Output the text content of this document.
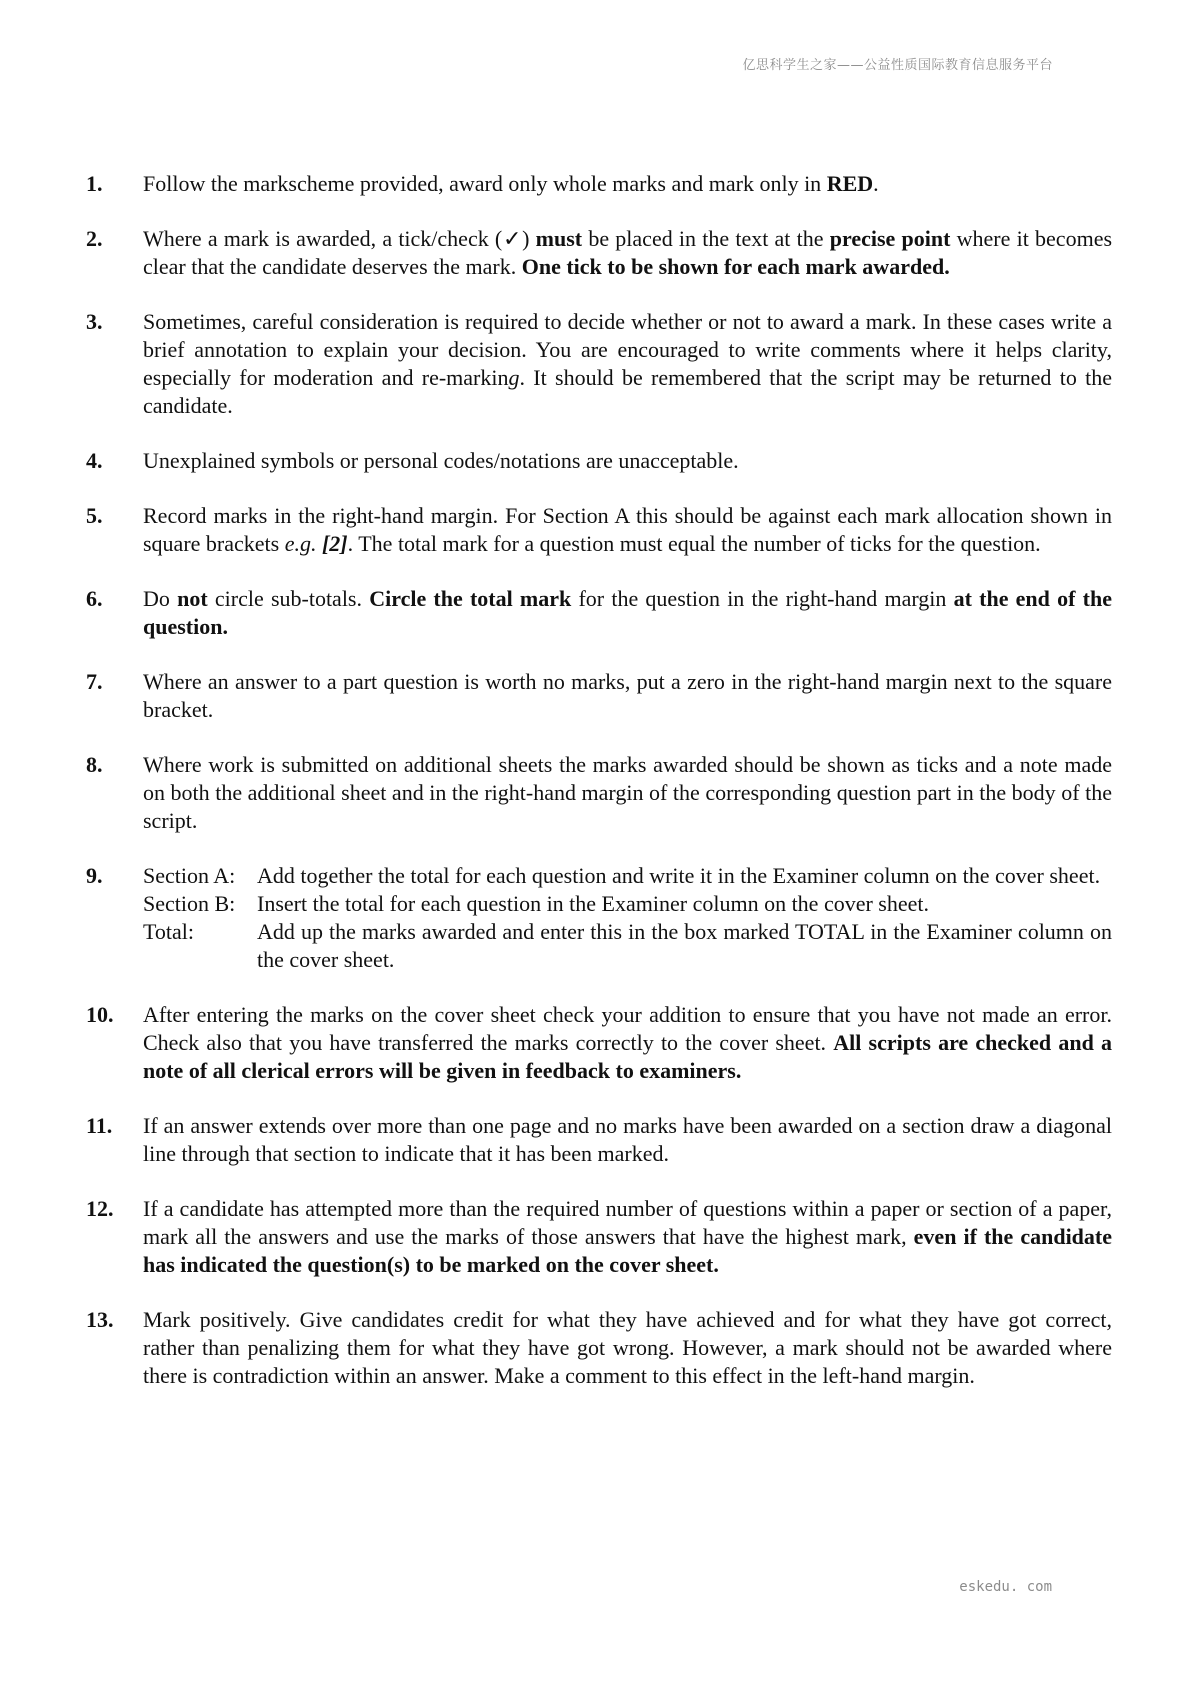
亿思科学生之家——公益性质国际教育信息服务平台
1.	Follow the markscheme provided, award only whole marks and mark only in RED.
2.	Where a mark is awarded, a tick/check (✓) must be placed in the text at the precise point where it becomes clear that the candidate deserves the mark. One tick to be shown for each mark awarded.
3.	Sometimes, careful consideration is required to decide whether or not to award a mark. In these cases write a brief annotation to explain your decision. You are encouraged to write comments where it helps clarity, especially for moderation and re-marking. It should be remembered that the script may be returned to the candidate.
4.	Unexplained symbols or personal codes/notations are unacceptable.
5.	Record marks in the right-hand margin. For Section A this should be against each mark allocation shown in square brackets e.g. [2]. The total mark for a question must equal the number of ticks for the question.
6.	Do not circle sub-totals. Circle the total mark for the question in the right-hand margin at the end of the question.
7.	Where an answer to a part question is worth no marks, put a zero in the right-hand margin next to the square bracket.
8.	Where work is submitted on additional sheets the marks awarded should be shown as ticks and a note made on both the additional sheet and in the right-hand margin of the corresponding question part in the body of the script.
9.	Section A: Add together the total for each question and write it in the Examiner column on the cover sheet.
Section B: Insert the total for each question in the Examiner column on the cover sheet.
Total:	Add up the marks awarded and enter this in the box marked TOTAL in the Examiner column on the cover sheet.
10.	After entering the marks on the cover sheet check your addition to ensure that you have not made an error. Check also that you have transferred the marks correctly to the cover sheet. All scripts are checked and a note of all clerical errors will be given in feedback to examiners.
11.	If an answer extends over more than one page and no marks have been awarded on a section draw a diagonal line through that section to indicate that it has been marked.
12.	If a candidate has attempted more than the required number of questions within a paper or section of a paper, mark all the answers and use the marks of those answers that have the highest mark, even if the candidate has indicated the question(s) to be marked on the cover sheet.
13.	Mark positively. Give candidates credit for what they have achieved and for what they have got correct, rather than penalizing them for what they have got wrong. However, a mark should not be awarded where there is contradiction within an answer. Make a comment to this effect in the left-hand margin.
eskedu. com
